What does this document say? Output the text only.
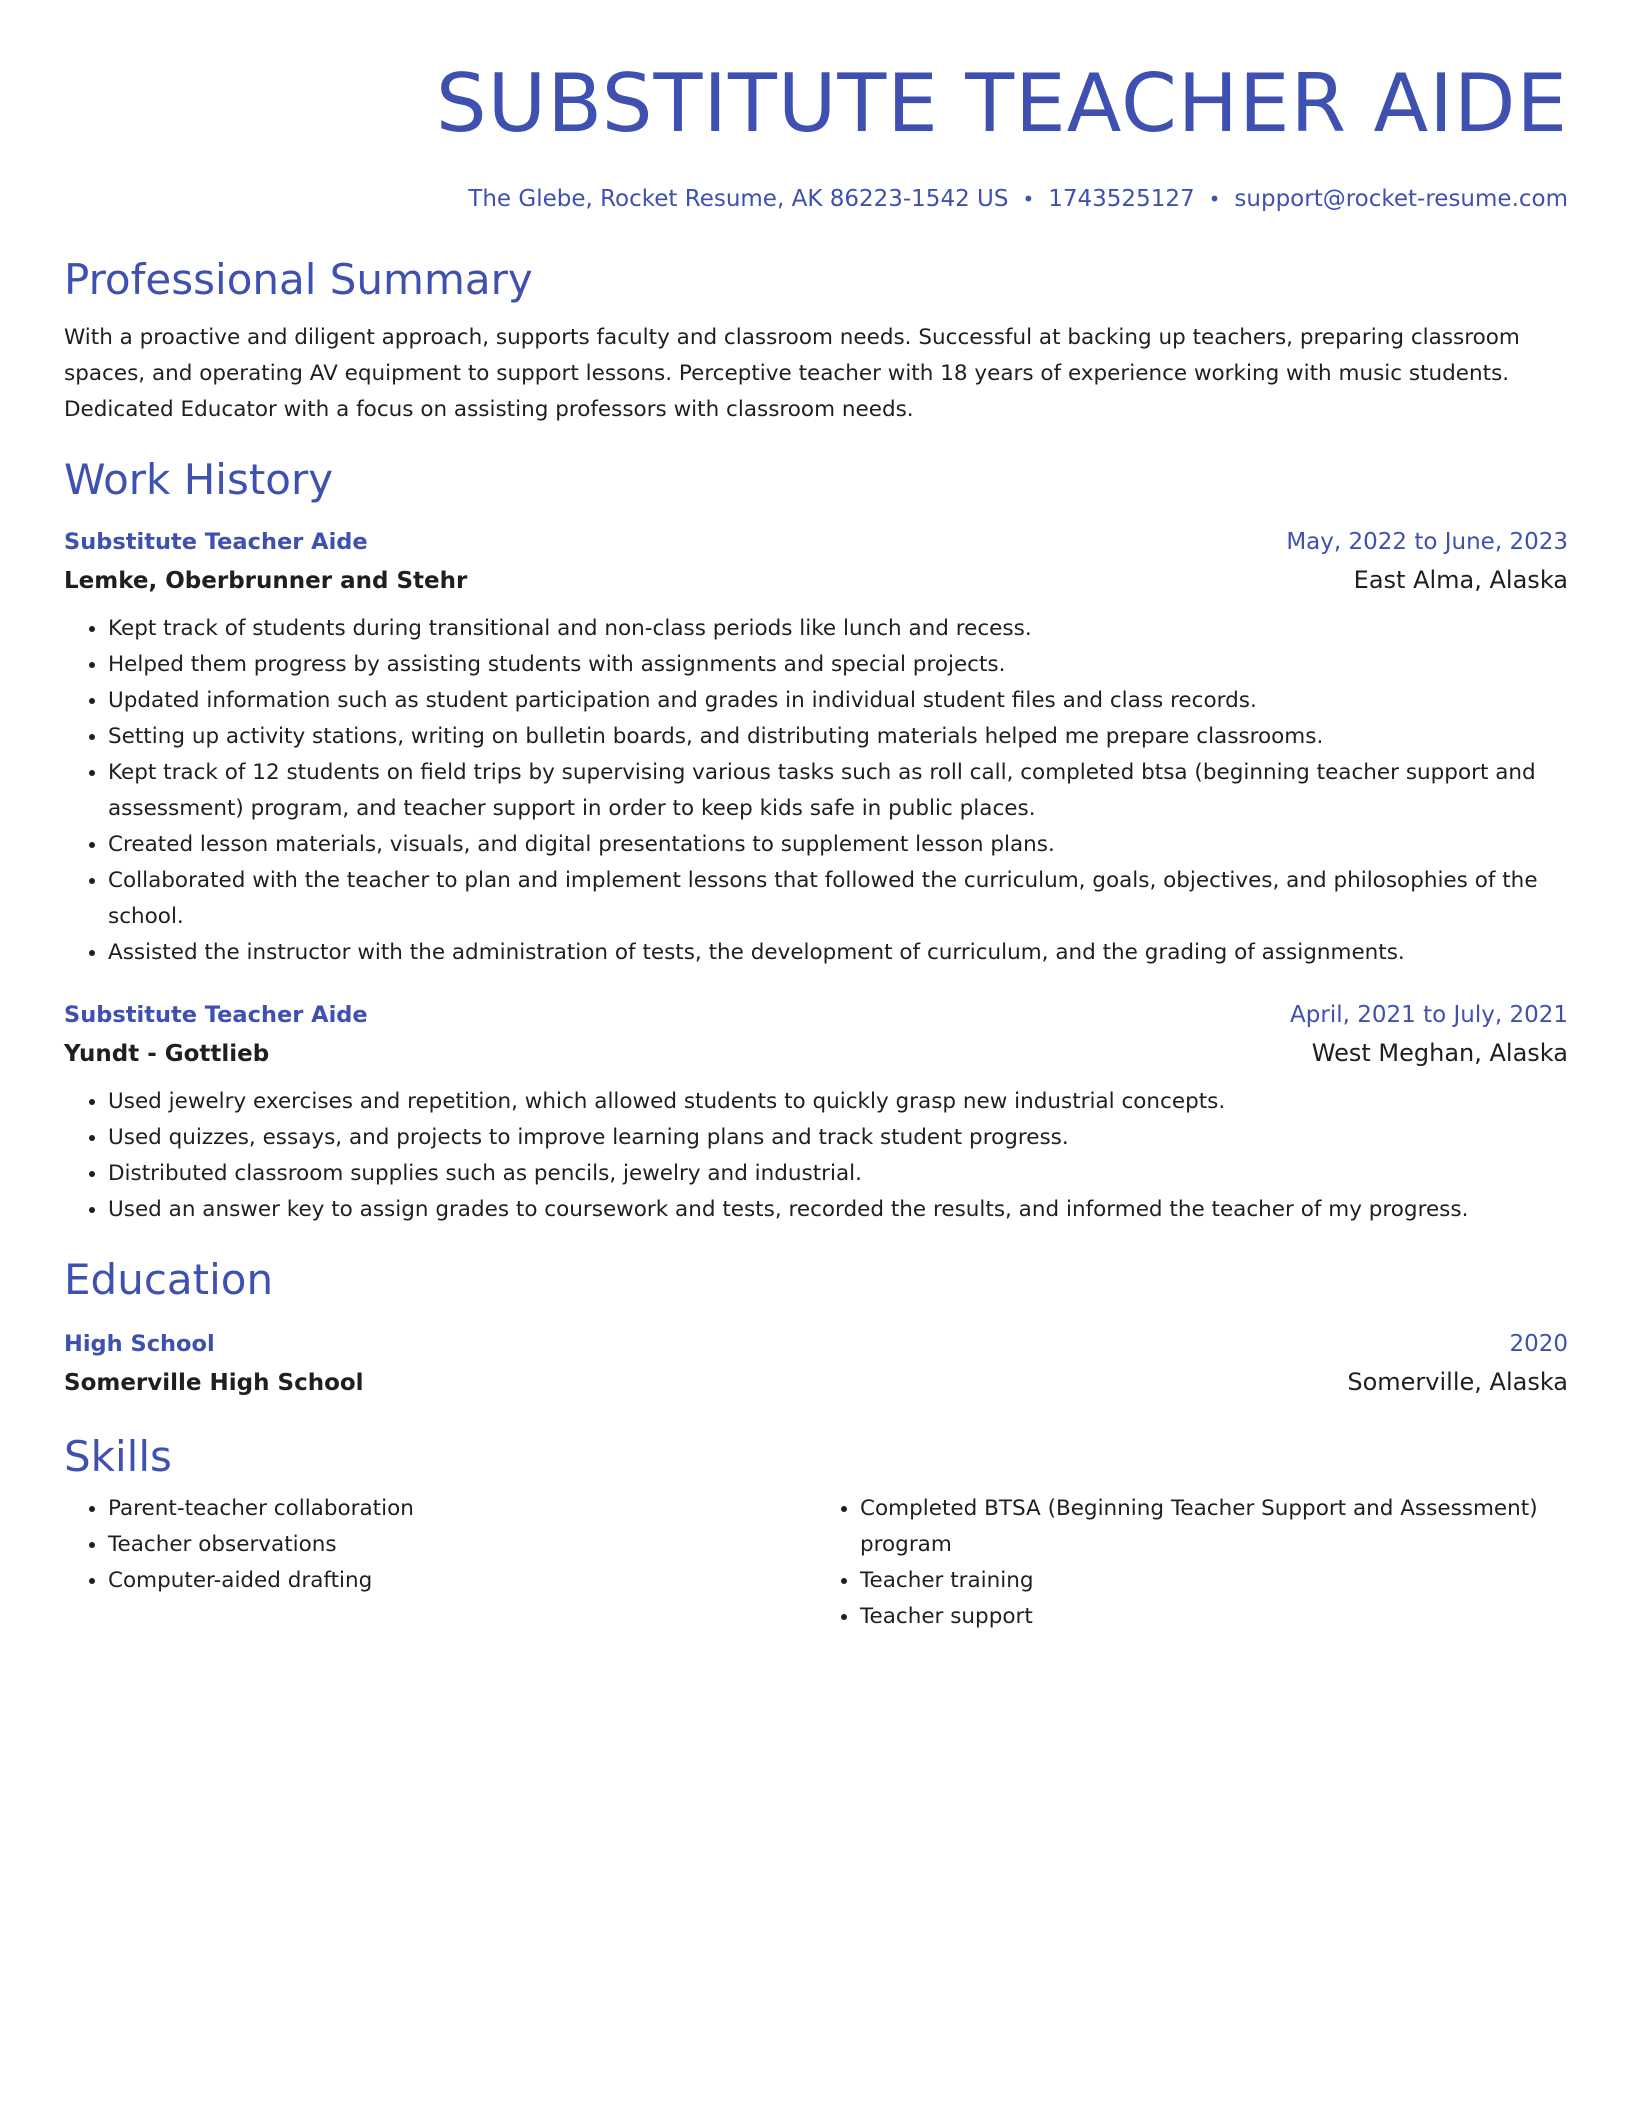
SUBSTITUTE TEACHER AIDE
The Glebe, Rocket Resume, AK 86223-1542 US • 1743525127 • support@rocket-resume.com
Professional Summary
With a proactive and diligent approach, supports faculty and classroom needs. Successful at backing up teachers, preparing classroom spaces, and operating AV equipment to support lessons. Perceptive teacher with 18 years of experience working with music students. Dedicated Educator with a focus on assisting professors with classroom needs.
Work History
Substitute Teacher Aide	May, 2022 to June, 2023
Lemke, Oberbrunner and Stehr	East Alma, Alaska
• Kept track of students during transitional and non-class periods like lunch and recess.
• Helped them progress by assisting students with assignments and special projects.
• Updated information such as student participation and grades in individual student files and class records.
• Setting up activity stations, writing on bulletin boards, and distributing materials helped me prepare classrooms.
• Kept track of 12 students on field trips by supervising various tasks such as roll call, completed btsa (beginning teacher support and assessment) program, and teacher support in order to keep kids safe in public places.
• Created lesson materials, visuals, and digital presentations to supplement lesson plans.
• Collaborated with the teacher to plan and implement lessons that followed the curriculum, goals, objectives, and philosophies of the school.
• Assisted the instructor with the administration of tests, the development of curriculum, and the grading of assignments.
Substitute Teacher Aide	April, 2021 to July, 2021
Yundt - Gottlieb	West Meghan, Alaska
• Used jewelry exercises and repetition, which allowed students to quickly grasp new industrial concepts.
• Used quizzes, essays, and projects to improve learning plans and track student progress.
• Distributed classroom supplies such as pencils, jewelry and industrial.
• Used an answer key to assign grades to coursework and tests, recorded the results, and informed the teacher of my progress.
Education
High School	2020
Somerville High School	Somerville, Alaska
Skills
• Parent-teacher collaboration
• Teacher observations
• Computer-aided drafting
• Completed BTSA (Beginning Teacher Support and Assessment) program
• Teacher training
• Teacher support
